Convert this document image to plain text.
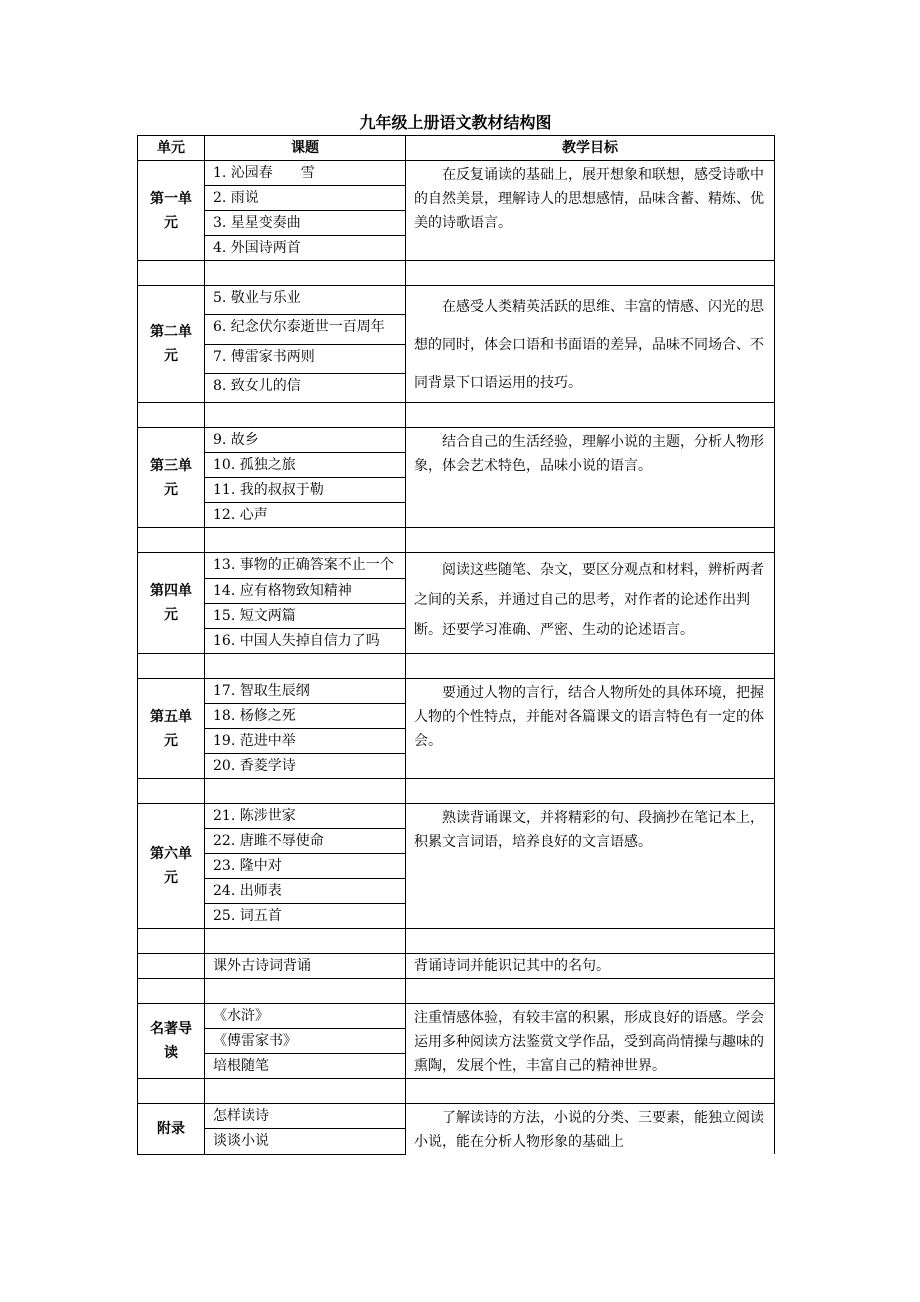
九年级上册语文教材结构图
单元	课题	教学目标

第一单元	1. 沁园春　　雪	在反复诵读的基础上，展开想象和联想，感受诗歌中的自然美景，理解诗人的思想感情，品味含蓄、精炼、优美的诗歌语言。

	2. 雨说	
	3. 星星变奏曲	
	4. 外国诗两首	

第二单元	5. 敬业与乐业	在感受人类精英活跃的思维、丰富的情感、闪光的思想的同时，体会口语和书面语的差异，品味不同场合、不同背景下口语运用的技巧。

	6. 纪念伏尔泰逝世一百周年	
	7. 傅雷家书两则	
	8. 致女儿的信	

第三单元	9. 故乡	结合自己的生活经验，理解小说的主题，分析人物形象，体会艺术特色，品味小说的语言。

	10. 孤独之旅	
	11. 我的叔叔于勒	
	12. 心声	

第四单元	13. 事物的正确答案不止一个	阅读这些随笔、杂文，要区分观点和材料，辨析两者之间的关系，并通过自己的思考，对作者的论述作出判断。还要学习准确、严密、生动的论述语言。

	14. 应有格物致知精神	
	15. 短文两篇	
	16. 中国人失掉自信力了吗	

第五单元	17. 智取生辰纲	要通过人物的言行，结合人物所处的具体环境，把握人物的个性特点，并能对各篇课文的语言特色有一定的体会。

	18. 杨修之死	
	19. 范进中举	
	20. 香菱学诗	

第六单元	21. 陈涉世家	熟读背诵课文，并将精彩的句、段摘抄在笔记本上，积累文言词语，培养良好的文言语感。

	22. 唐雎不辱使命	
	23. 隆中对	
	24. 出师表	
	25. 词五首	

	课外古诗词背诵	背诵诗词并能识记其中的名句。

名著导读	《水浒》	注重情感体验，有较丰富的积累，形成良好的语感。学会运用多种阅读方法鉴赏文学作品，受到高尚情操与趣味的熏陶，发展个性，丰富自己的精神世界。

	《傅雷家书》	
	培根随笔	

附录	怎样读诗	了解读诗的方法，小说的分类、三要素，能独立阅读小说，能在分析人物形象的基础上

	谈谈小说	
